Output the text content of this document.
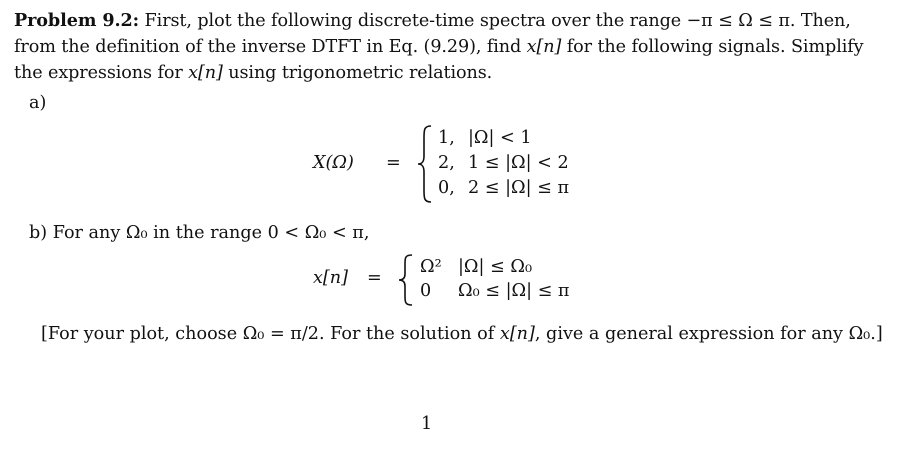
Problem 9.2: First, plot the following discrete-time spectra over the range −π ≤ Ω ≤ π. Then, from the definition of the inverse DTFT in Eq. (9.29), find x[n] for the following signals. Simplify the expressions for x[n] using trigonometric relations.
a)
X(Ω) =
1, |Ω| < 1
2, 1 ≤ |Ω| < 2
0, 2 ≤ |Ω| ≤ π
b) For any Ω₀ in the range 0 < Ω₀ < π,
x[n] =
Ω² |Ω| ≤ Ω₀
0 Ω₀ ≤ |Ω| ≤ π
[For your plot, choose Ω₀ = π/2. For the solution of x[n], give a general expression for any Ω₀.]
1
